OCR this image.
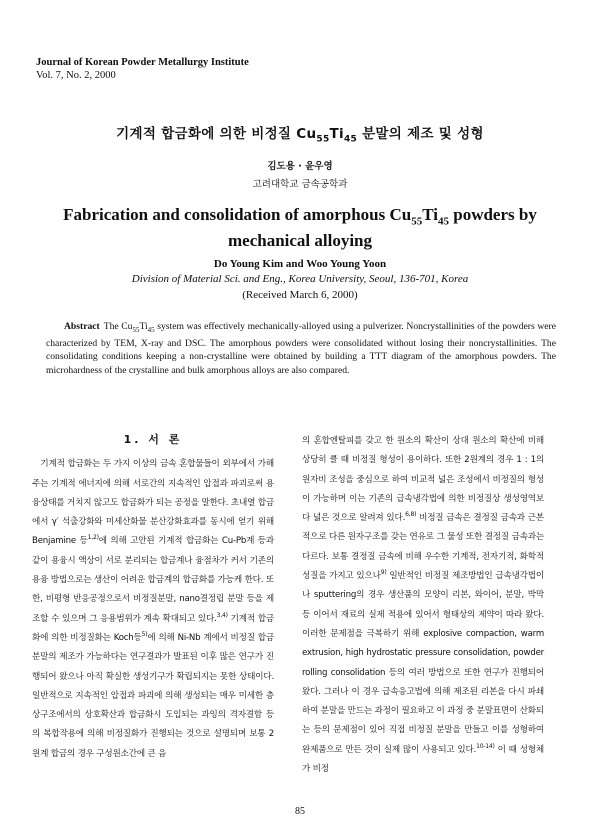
Journal of Korean Powder Metallurgy Institute
Vol. 7, No. 2, 2000
기계적 합금화에 의한 비정질 $Cu_{55}Ti_{45}$ 분말의 제조 및 성형
김도용 · 윤우영
고려대학교 금속공학과
Fabrication and consolidation of amorphous $Cu_{55}Ti_{45}$ powders by mechanical alloying
Do Young Kim and Woo Young Yoon
Division of Material Sci. and Eng., Korea University, Seoul, 136-701, Korea
(Received March 6, 2000)
Abstract The $Cu_{55}Ti_{45}$ system was effectively mechanically-alloyed using a pulverizer. Noncrystallinities of the powders were characterized by TEM, X-ray and DSC. The amorphous powders were consolidated without losing their noncrystallinities. The consolidating conditions keeping a non-crystalline were obtained by building a TTT diagram of the amorphous powders. The microhardness of the crystalline and bulk amorphous alloys are also compared.
1. 서 론

 기계적 합금화는 두 가지 이상의 금속 혼합물들이 외부에서 가해주는 기계적 에너지에 의해 서로간의 지속적인 압접과 파괴로써 용융상태를 거치지 않고도 합금화가 되는 공정을 말한다. 초내열 합금에서 γ′ 석출강화와 미세산화물 분산강화효과를 동시에 얻기 위해 Benjamine 등$^{1,2)}$에 의해 고안된 기계적 합금화는 Cu-Pb계 등과 같이 용융시 액상이 서로 분리되는 합금계나 융점차가 커서 기존의 용융 방법으로는 생산이 어려운 합금계의 합금화를 가능케 한다. 또한, 비평형 반응공정으로서 비정질분말, nano결정립 분말 등을 제조할 수 있으며 그 응용범위가 계속 확대되고 있다.$^{3,4)}$ 기계적 합금화에 의한 비정질화는 Koch등$^{5)}$에 의해 Ni-Nb 계에서 비정질 합금분말의 제조가 가능하다는 연구결과가 발표된 이후 많은 연구가 진행되어 왔으나 아직 확실한 생성기구가 확립되지는 못한 상태이다. 일반적으로 지속적인 압접과 파괴에 의해 생성되는 매우 미세한 층상구조에서의 상호확산과 합금화시 도입되는 과잉의 격자결함 등의 복합작용에 의해 비정질화가 진행되는 것으로 설명되며 보통 2원계 합금의 경우 구성원소간에 큰 음

의 혼합엔탈피를 갖고 한 원소의 확산이 상대 원소의 확산에 비해 상당히 클 때 비정질 형성이 용이하다. 또한 2원계의 경우 1 : 1의 원자비 조성을 중심으로 하여 비교적 넓은 조성에서 비정질의 형성이 가능하며 이는 기존의 급속냉각법에 의한 비정질상 생성영역보다 넓은 것으로 알려져 있다.$^{6,8)}$ 비정질 금속은 결정질 금속과 근본적으로 다른 원자구조를 갖는 연유로 그 물성 또한 결정질 금속과는 다르다. 보통 결정질 금속에 비해 우수한 기계적, 전자기적, 화학적 성질을 가지고 있으나$^{9)}$ 일반적인 비정질 제조방법인 급속냉각법이나 sputtering의 경우 생산품의 모양이 리본, 와이어, 분말, 박막 등 이어서 재료의 실제 적용에 있어서 형태상의 제약이 따라 왔다. 이러한 문제점을 극복하기 위해 explosive compaction, warm extrusion, high hydrostatic pressure consolidation, powder rolling consolidation 등의 여러 방법으로 또한 연구가 진행되어 왔다. 그러나 이 경우 급속응고법에 의해 제조된 리본을 다시 파쇄하여 분말을 만드는 과정이 필요하고 이 과정 중 분말표면이 산화되는 등의 문제점이 있어 직접 비정질 분말을 만들고 이를 성형하여 완제품으로 만든 것이 실제 많이 사용되고 있다.$^{10-14)}$ 이 때 성형체가 비정

85
